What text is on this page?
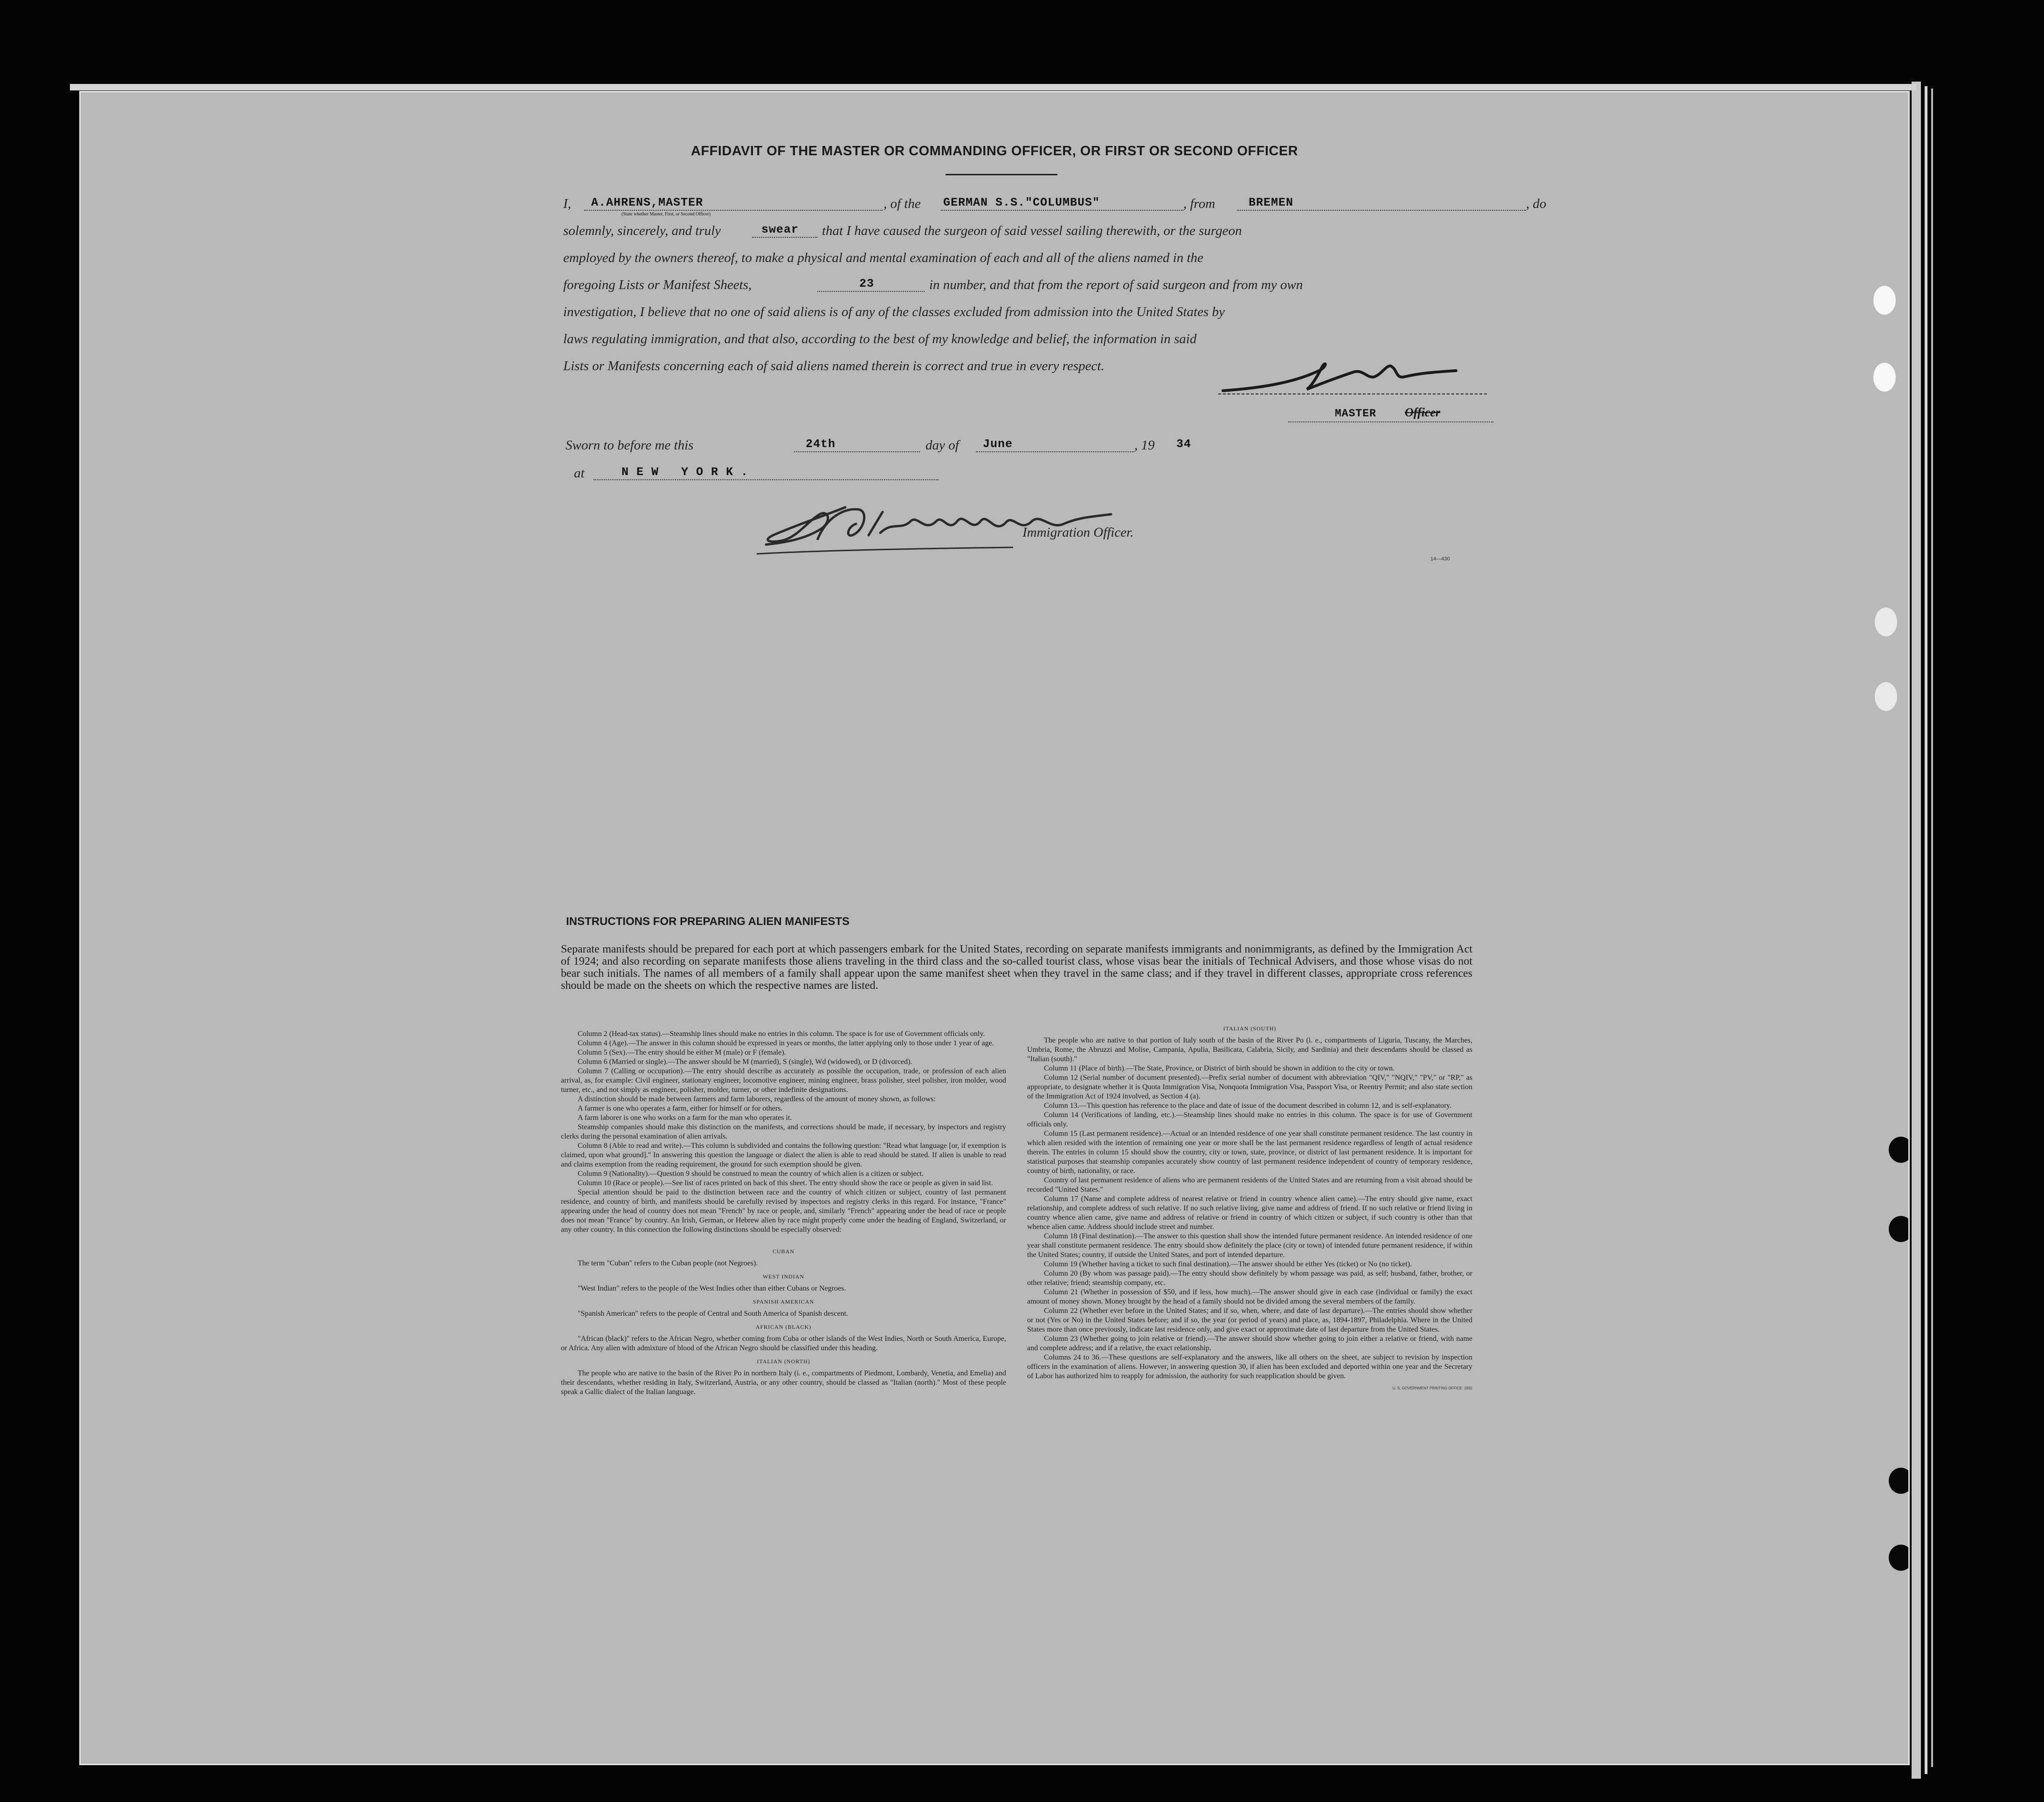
AFFIDAVIT OF THE MASTER OR COMMANDING OFFICER, OR FIRST OR SECOND OFFICER
I,	A.AHRENS,MASTER
(State whether Master, First, or Second Officer)
, of the GERMAN S.S."COLUMBUS"	, from	BREMEN	, do
solemnly, sincerely, and truly	swear that I have caused the surgeon of said vessel sailing therewith, or the surgeon
employed by the owners thereof, to make a physical and mental examination of each and all of the aliens named in the
foregoing Lists or Manifest Sheets,	23	in number, and that from the report of said surgeon and from my own
investigation, I believe that no one of said aliens is of any of the classes excluded from admission into the United States by
laws regulating immigration, and that also, according to the best of my knowledge and belief, the information in said
Lists or Manifests concerning each of said aliens named therein is correct and true in every respect.
MASTER Officer
Sworn to before me this	24th	day of June	, 19 34
at	N E W   Y O R K .
Immigration Officer.
14—430
INSTRUCTIONS FOR PREPARING ALIEN MANIFESTS
Separate manifests should be prepared for each port at which passengers embark for the United States, recording on separate manifests immigrants and nonimmigrants, as defined by the Immigration Act of 1924; and also recording on separate manifests those aliens traveling in the third class and the so-called tourist class, whose visas bear the initials of Technical Advisers, and those whose visas do not bear such initials. The names of all members of a family shall appear upon the same manifest sheet when they travel in the same class; and if they travel in different classes, appropriate cross references should be made on the sheets on which the respective names are listed.

Column 2 (Head-tax status).—Steamship lines should make no entries in this column. The space is for use of Government officials only.

Column 4 (Age).—The answer in this column should be expressed in years or months, the latter applying only to those under 1 year of age.

Column 5 (Sex).—The entry should be either M (male) or F (female).

Column 6 (Married or single).—The answer should be M (married), S (single), Wd (widowed), or D (divorced).

Column 7 (Calling or occupation).—The entry should describe as accurately as possible the occupation, trade, or profession of each alien arrival, as, for example: Civil engineer, stationary engineer, locomotive engineer, mining engineer, brass polisher, steel polisher, iron molder, wood turner, etc., and not simply as engineer, polisher, molder, turner, or other indefinite designations.

A distinction should be made between farmers and farm laborers, regardless of the amount of money shown, as follows:

A farmer is one who operates a farm, either for himself or for others.

A farm laborer is one who works on a farm for the man who operates it.

Steamship companies should make this distinction on the manifests, and corrections should be made, if necessary, by inspectors and registry clerks during the personal examination of alien arrivals.

Column 8 (Able to read and write).—This column is subdivided and contains the following question: "Read what language [or, if exemption is claimed, upon what ground]." In answering this question the language or dialect the alien is able to read should be stated. If alien is unable to read and claims exemption from the reading requirement, the ground for such exemption should be given.

Column 9 (Nationality).—Question 9 should be construed to mean the country of which alien is a citizen or subject.

Column 10 (Race or people).—See list of races printed on back of this sheet. The entry should show the race or people as given in said list.

Special attention should be paid to the distinction between race and the country of which citizen or subject, country of last permanent residence, and country of birth, and manifests should be carefully revised by inspectors and registry clerks in this regard. For instance, "France" appearing under the head of country does not mean "French" by race or people, and, similarly "French" appearing under the head of race or people does not mean "France" by country. An Irish, German, or Hebrew alien by race might properly come under the heading of England, Switzerland, or any other country. In this connection the following distinctions should be especially observed:

CUBAN

The term "Cuban" refers to the Cuban people (not Negroes).

WEST INDIAN

"West Indian" refers to the people of the West Indies other than either Cubans or Negroes.

SPANISH AMERICAN

"Spanish American" refers to the people of Central and South America of Spanish descent.

AFRICAN (BLACK)

"African (black)" refers to the African Negro, whether coming from Cuba or other islands of the West Indies, North or South America, Europe, or Africa. Any alien with admixture of blood of the African Negro should be classified under this heading.

ITALIAN (NORTH)

The people who are native to the basin of the River Po in northern Italy (i. e., compartments of Piedmont, Lombardy, Venetia, and Emelia) and their descendants, whether residing in Italy, Switzerland, Austria, or any other country, should be classed as "Italian (north)." Most of these people speak a Gallic dialect of the Italian language.

ITALIAN (SOUTH)

The people who are native to that portion of Italy south of the basin of the River Po (i. e., compartments of Liguria, Tuscany, the Marches, Umbria, Rome, the Abruzzi and Molise, Campania, Apulia, Basilicata, Calabria, Sicily, and Sardinia) and their descendants should be classed as "Italian (south)."

Column 11 (Place of birth).—The State, Province, or District of birth should be shown in addition to the city or town.

Column 12 (Serial number of document presented).—Prefix serial number of document with abbreviation "QIV," "NQIV," "PV," or "RP," as appropriate, to designate whether it is Quota Immigration Visa, Nonquota Immigration Visa, Passport Visa, or Reentry Permit; and also state section of the Immigration Act of 1924 involved, as Section 4 (a).

Column 13.—This question has reference to the place and date of issue of the document described in column 12, and is self-explanatory.

Column 14 (Verifications of landing, etc.).—Steamship lines should make no entries in this column. The space is for use of Government officials only.

Column 15 (Last permanent residence).—Actual or an intended residence of one year shall constitute permanent residence. The last country in which alien resided with the intention of remaining one year or more shall be the last permanent residence regardless of length of actual residence therein. The entries in column 15 should show the country, city or town, state, province, or district of last permanent residence. It is important for statistical purposes that steamship companies accurately show country of last permanent residence independent of country of temporary residence, country of birth, nationality, or race.

Country of last permanent residence of aliens who are permanent residents of the United States and are returning from a visit abroad should be recorded "United States."

Column 17 (Name and complete address of nearest relative or friend in country whence alien came).—The entry should give name, exact relationship, and complete address of such relative. If no such relative living, give name and address of friend. If no such relative or friend living in country whence alien came, give name and address of relative or friend in country of which citizen or subject, if such country is other than that whence alien came. Address should include street and number.

Column 18 (Final destination).—The answer to this question shall show the intended future permanent residence. An intended residence of one year shall constitute permanent residence. The entry should show definitely the place (city or town) of intended future permanent residence, if within the United States; country, if outside the United States, and port of intended departure.

Column 19 (Whether having a ticket to such final destination).—The answer should be either Yes (ticket) or No (no ticket).

Column 20 (By whom was passage paid).—The entry should show definitely by whom passage was paid, as self; husband, father, brother, or other relative; friend; steamship company, etc.

Column 21 (Whether in possession of $50, and if less, how much).—The answer should give in each case (individual or family) the exact amount of money shown. Money brought by the head of a family should not be divided among the several members of the family.

Column 22 (Whether ever before in the United States; and if so, when, where, and date of last departure).—The entries should show whether or not (Yes or No) in the United States before; and if so, the year (or period of years) and place, as, 1894-1897, Philadelphia. Where in the United States more than once previously, indicate last residence only, and give exact or approximate date of last departure from the United States.

Column 23 (Whether going to join relative or friend).—The answer should show whether going to join either a relative or friend, with name and complete address; and if a relative, the exact relationship.

Columns 24 to 36.—These questions are self-explanatory and the answers, like all others on the sheet, are subject to revision by inspection officers in the examination of aliens. However, in answering question 30, if alien has been excluded and deported within one year and the Secretary of Labor has authorized him to reapply for admission, the authority for such reapplication should be given.

U. S. GOVERNMENT PRINTING OFFICE: 1932
